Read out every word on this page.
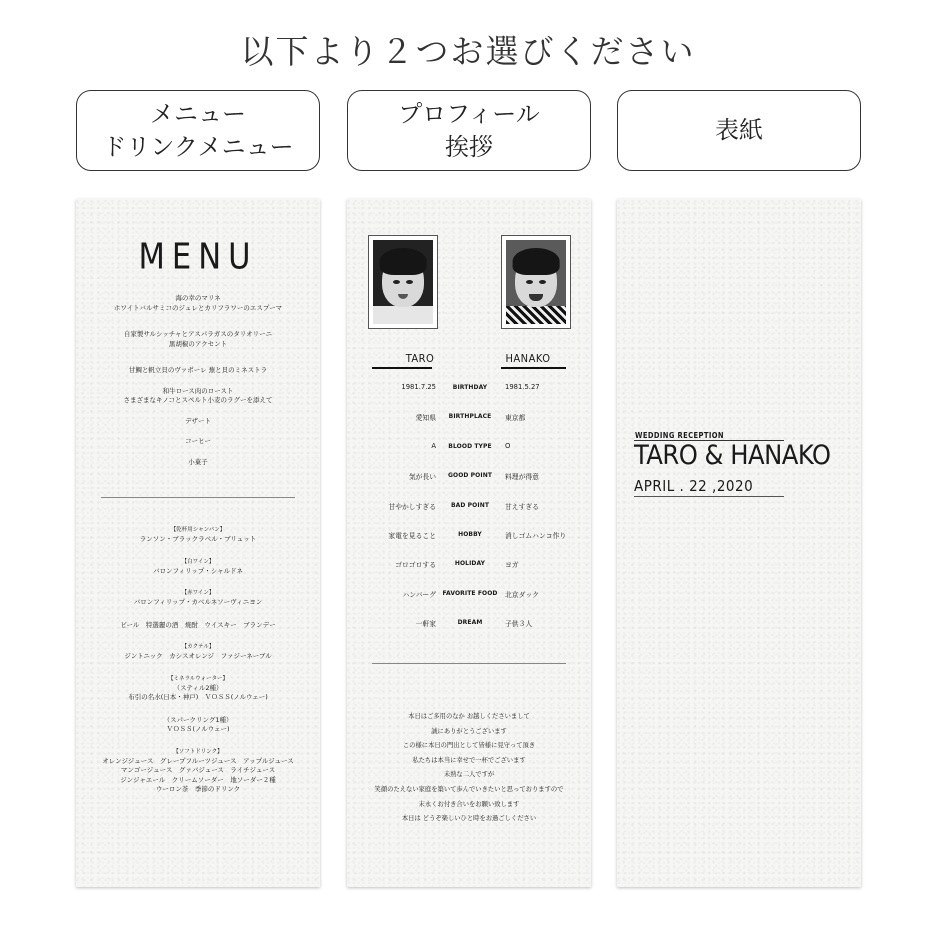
以下より２つお選びください
メニュー
ドリンクメニュー
プロフィール
挨拶
表紙
MENU
海の幸のマリネ
ホワイトバルサミコのジュレとカリフラワーのエスプーマ
自家製サルシッチャとアスパラガスのタリオリーニ
黒胡椒のアクセント
甘鯛と帆立貝のヴァポーレ 蕪と貝のミネストラ
和牛ロース肉のロースト
さまざまなキノコとスペルト小麦のラグーを添えて
デザート
コーヒー
小菓子
【乾杯用シャンパン】
ランソン・ブラックラベル・ブリュット
【白ワイン】
バロンフィリップ・シャルドネ
【赤ワイン】
バロンフィリップ・カベルネソーヴィニヨン
ビール　特選麗の酒　焼酎　ウイスキー　ブランデー
【カクテル】
ジントニック　カシスオレンジ　ファジーネーブル
【ミネラルウォーター】
（スティル2種）
布引の名水(日本・神戸)　ＶＯＳＳ(ノルウェー)
（スパークリング1種）
ＶＯＳＳ(ノルウェー)
【ソフトドリンク】
オレンジジュース　グレープフルーツジュース　アップルジュース
マンゴージュース　グァバジュース　ライチジュース
ジンジャエール　クリームソーダー　地ソーダー２種
ウーロン茶　季節のドリンク
TARO	HANAKO
本日はご多用のなか お越しくださいまして
誠にありがとうございます
この様に本日の門出として皆様に見守って頂き
私たちは本当に幸せで一杯でございます
未熟な二人ですが
笑顔のたえない家庭を築いて歩んでいきたいと思っておりますので
末永くお付き合いをお願い致します
本日は どうぞ楽しいひと時をお過ごしください
1981.7.25	BIRTHDAY	1981.5.27
愛知県	BIRTHPLACE	東京都
A	BLOOD TYPE	O
気が長い	GOOD POINT	料理が得意
甘やかしすぎる	BAD POINT	甘えすぎる
家電を見ること	HOBBY	消しゴムハンコ作り
ゴロゴロする	HOLIDAY	ヨガ
ハンバーグ FAVORITE FOOD 北京ダック
一軒家	DREAM	子供３人
WEDDING RECEPTION
TARO & HANAKO
APRIL . 22 ,2020
